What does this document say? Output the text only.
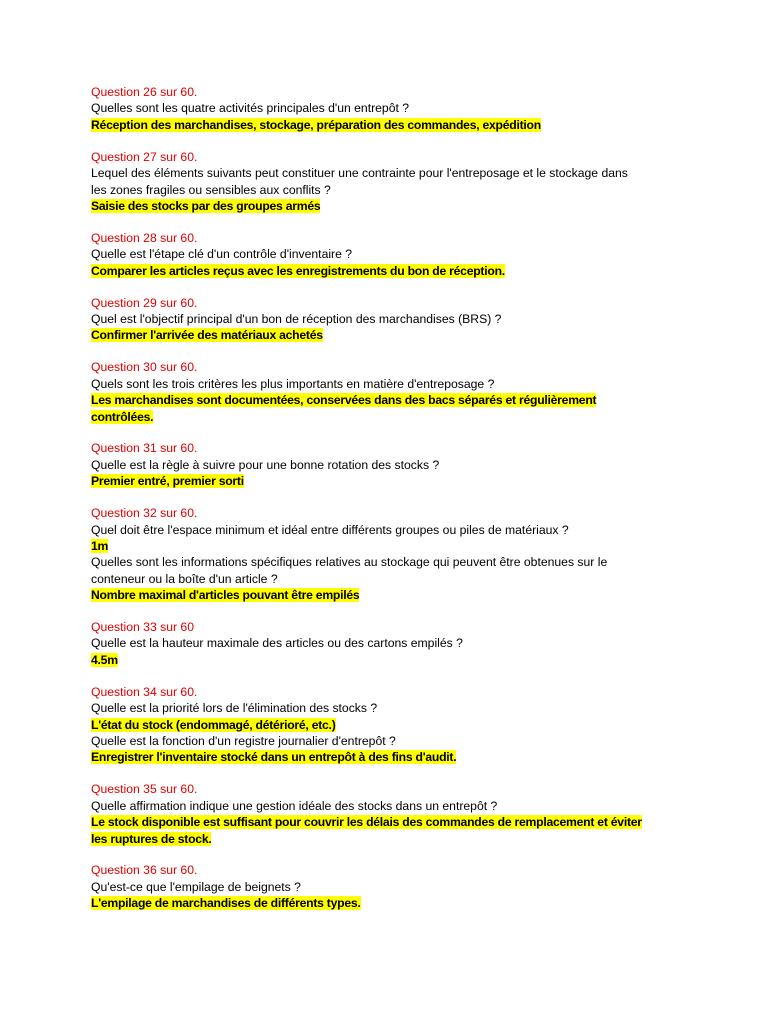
Question 26 sur 60.
Quelles sont les quatre activités principales d'un entrepôt ?
Réception des marchandises, stockage, préparation des commandes, expédition
Question 27 sur 60.
Lequel des éléments suivants peut constituer une contrainte pour l'entreposage et le stockage dans
les zones fragiles ou sensibles aux conflits ?
Saisie des stocks par des groupes armés
Question 28 sur 60.
Quelle est l'étape clé d'un contrôle d'inventaire ?
Comparer les articles reçus avec les enregistrements du bon de réception.
Question 29 sur 60.
Quel est l'objectif principal d'un bon de réception des marchandises (BRS) ?
Confirmer l'arrivée des matériaux achetés
Question 30 sur 60.
Quels sont les trois critères les plus importants en matière d'entreposage ?
Les marchandises sont documentées, conservées dans des bacs séparés et régulièrement
contrôlées.
Question 31 sur 60.
Quelle est la règle à suivre pour une bonne rotation des stocks ?
Premier entré, premier sorti
Question 32 sur 60.
Quel doit être l'espace minimum et idéal entre différents groupes ou piles de matériaux ?
1m
Quelles sont les informations spécifiques relatives au stockage qui peuvent être obtenues sur le
conteneur ou la boîte d'un article ?
Nombre maximal d'articles pouvant être empilés
Question 33 sur 60
Quelle est la hauteur maximale des articles ou des cartons empilés ?
4.5m
Question 34 sur 60.
Quelle est la priorité lors de l'élimination des stocks ?
L'état du stock (endommagé, détérioré, etc.)
Quelle est la fonction d'un registre journalier d'entrepôt ?
Enregistrer l'inventaire stocké dans un entrepôt à des fins d'audit.
Question 35 sur 60.
Quelle affirmation indique une gestion idéale des stocks dans un entrepôt ?
Le stock disponible est suffisant pour couvrir les délais des commandes de remplacement et éviter
les ruptures de stock.
Question 36 sur 60.
Qu'est-ce que l'empilage de beignets ?
L'empilage de marchandises de différents types.
